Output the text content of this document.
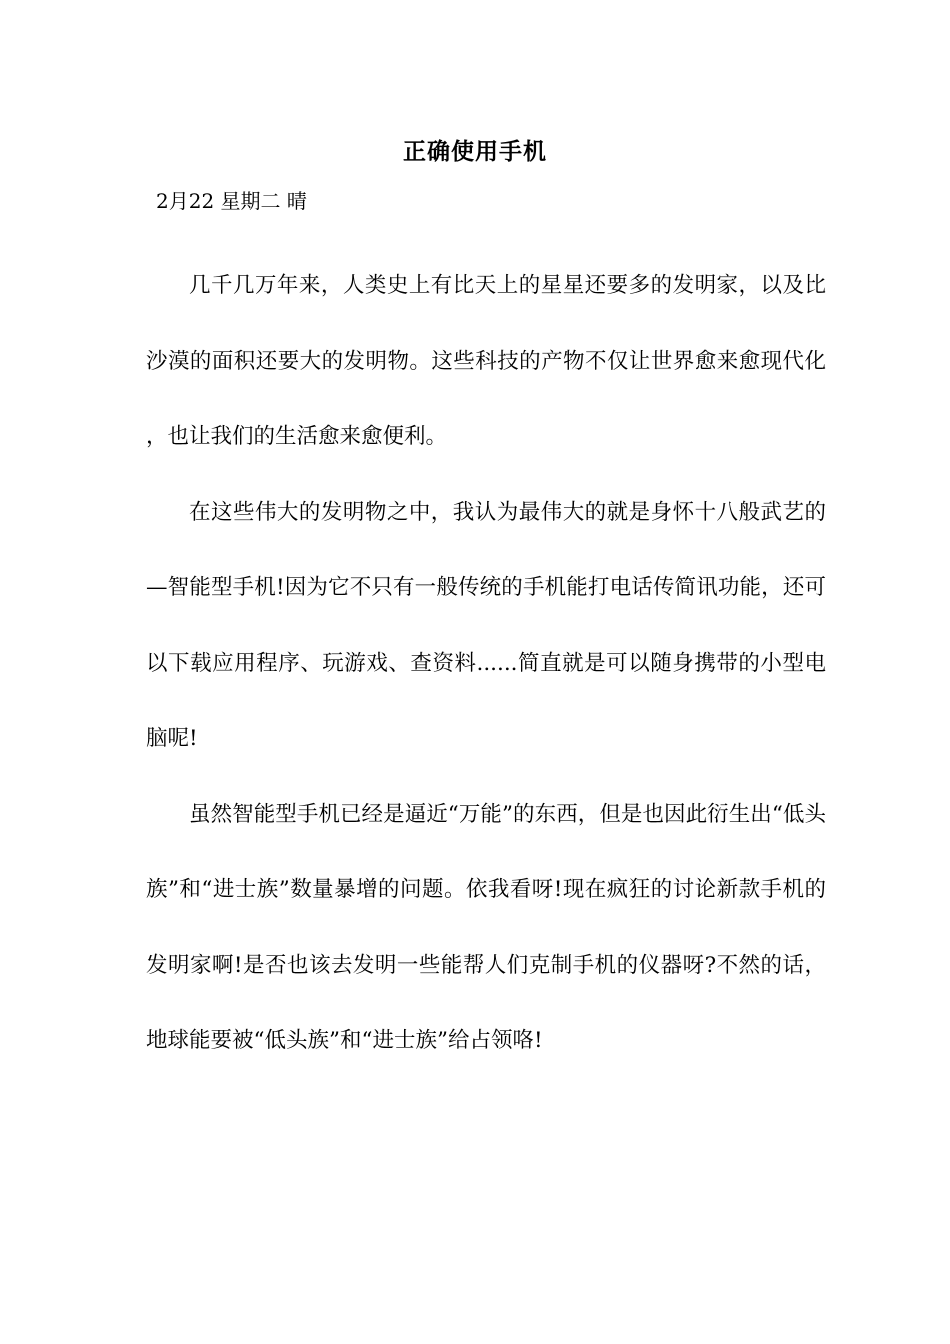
正确使用手机

2月22 星期二 晴

几千几万年来，人类史上有比天上的星星还要多的发明家，以及比沙漠的面积还要大的发明物。这些科技的产物不仅让世界愈来愈现代化，也让我们的生活愈来愈便利。

在这些伟大的发明物之中，我认为最伟大的就是身怀十八般武艺的—智能型手机!因为它不只有一般传统的手机能打电话传简讯功能，还可以下载应用程序、玩游戏、查资料......简直就是可以随身携带的小型电脑呢!

虽然智能型手机已经是逼近“万能”的东西，但是也因此衍生出“低头族”和“进士族”数量暴增的问题。依我看呀!现在疯狂的讨论新款手机的发明家啊!是否也该去发明一些能帮人们克制手机的仪器呀?不然的话，地球能要被“低头族”和“进士族”给占领咯!
